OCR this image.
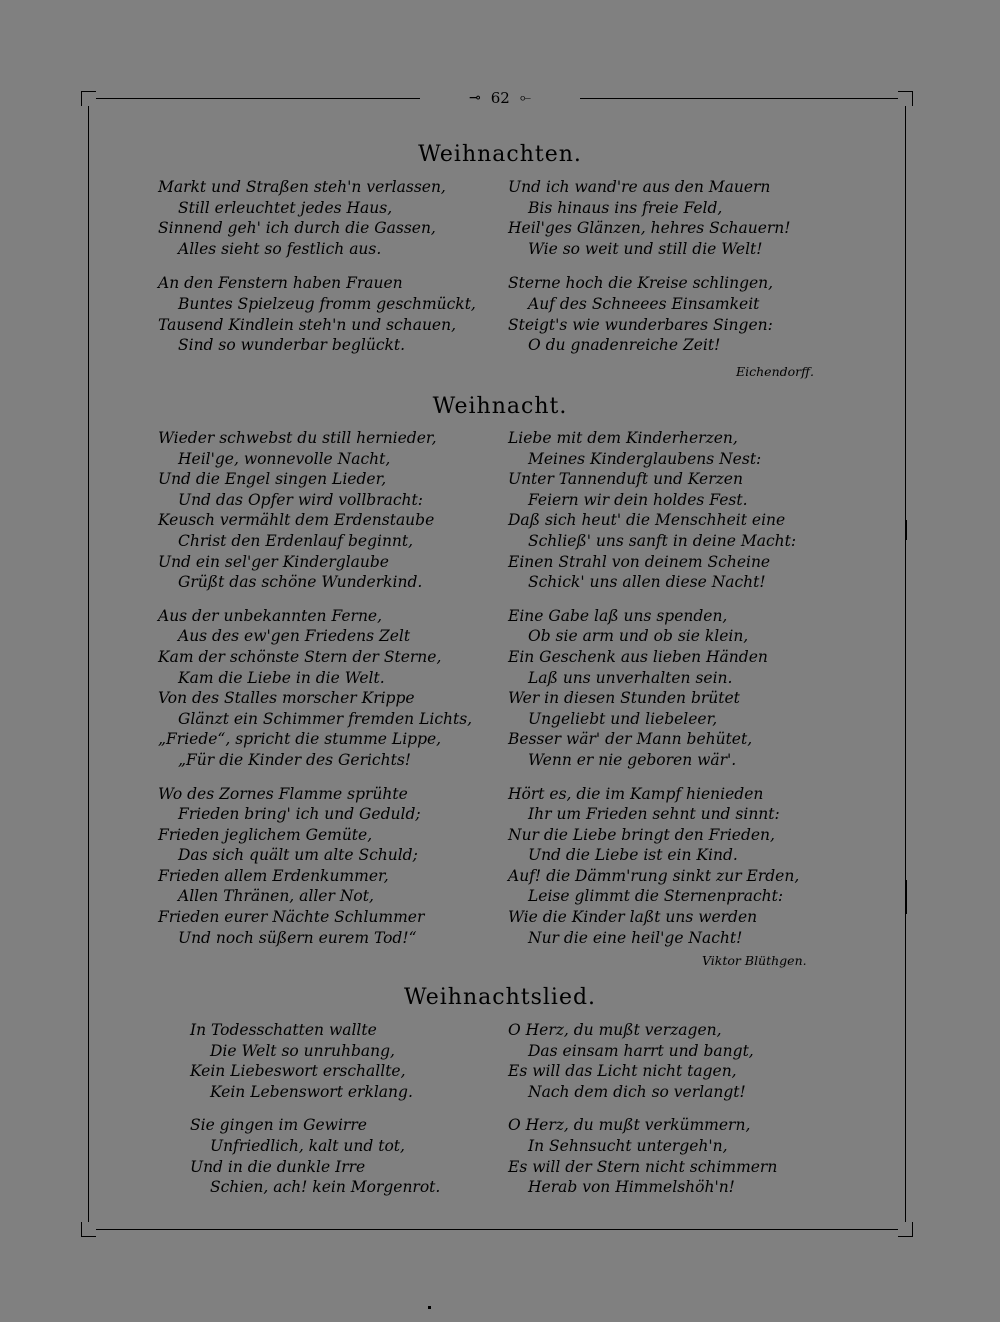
⊸ 62 ⟜
Weihnachten.
Markt und Straßen steh'n verlassen,
Still erleuchtet jedes Haus,
Sinnend geh' ich durch die Gassen,
Alles sieht so festlich aus.
An den Fenstern haben Frauen
Buntes Spielzeug fromm geschmückt,
Tausend Kindlein steh'n und schauen,
Sind so wunderbar beglückt.
Und ich wand're aus den Mauern
Bis hinaus ins freie Feld,
Heil'ges Glänzen, hehres Schauern!
Wie so weit und still die Welt!
Sterne hoch die Kreise schlingen,
Auf des Schneees Einsamkeit
Steigt's wie wunderbares Singen:
O du gnadenreiche Zeit!
Eichendorff.
Weihnacht.
Wieder schwebst du still hernieder,
Heil'ge, wonnevolle Nacht,
Und die Engel singen Lieder,
Und das Opfer wird vollbracht:
Keusch vermählt dem Erdenstaube
Christ den Erdenlauf beginnt,
Und ein sel'ger Kinderglaube
Grüßt das schöne Wunderkind.
Aus der unbekannten Ferne,
Aus des ew'gen Friedens Zelt
Kam der schönste Stern der Sterne,
Kam die Liebe in die Welt.
Von des Stalles morscher Krippe
Glänzt ein Schimmer fremden Lichts,
„Friede“, spricht die stumme Lippe,
„Für die Kinder des Gerichts!
Wo des Zornes Flamme sprühte
Frieden bring' ich und Geduld;
Frieden jeglichem Gemüte,
Das sich quält um alte Schuld;
Frieden allem Erdenkummer,
Allen Thränen, aller Not,
Frieden eurer Nächte Schlummer
Und noch süßern eurem Tod!“
Liebe mit dem Kinderherzen,
Meines Kinderglaubens Nest:
Unter Tannenduft und Kerzen
Feiern wir dein holdes Fest.
Daß sich heut' die Menschheit eine
Schließ' uns sanft in deine Macht:
Einen Strahl von deinem Scheine
Schick' uns allen diese Nacht!
Eine Gabe laß uns spenden,
Ob sie arm und ob sie klein,
Ein Geschenk aus lieben Händen
Laß uns unverhalten sein.
Wer in diesen Stunden brütet
Ungeliebt und liebeleer,
Besser wär' der Mann behütet,
Wenn er nie geboren wär'.
Hört es, die im Kampf hienieden
Ihr um Frieden sehnt und sinnt:
Nur die Liebe bringt den Frieden,
Und die Liebe ist ein Kind.
Auf! die Dämm'rung sinkt zur Erden,
Leise glimmt die Sternenpracht:
Wie die Kinder laßt uns werden
Nur die eine heil'ge Nacht!
Viktor Blüthgen.
Weihnachtslied.
In Todesschatten wallte
Die Welt so unruhbang,
Kein Liebeswort erschallte,
Kein Lebenswort erklang.
Sie gingen im Gewirre
Unfriedlich, kalt und tot,
Und in die dunkle Irre
Schien, ach! kein Morgenrot.
O Herz, du mußt verzagen,
Das einsam harrt und bangt,
Es will das Licht nicht tagen,
Nach dem dich so verlangt!
O Herz, du mußt verkümmern,
In Sehnsucht untergeh'n,
Es will der Stern nicht schimmern
Herab von Himmelshöh'n!
